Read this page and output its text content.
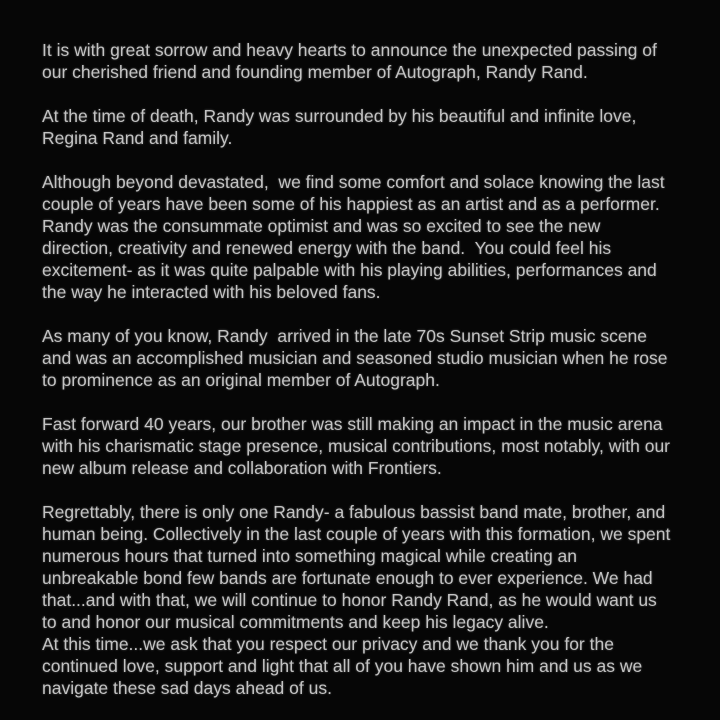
It is with great sorrow and heavy hearts to announce the unexpected passing of
our cherished friend and founding member of Autograph, Randy Rand.
At the time of death, Randy was surrounded by his beautiful and infinite love,
Regina Rand and family.
Although beyond devastated,  we find some comfort and solace knowing the last
couple of years have been some of his happiest as an artist and as a performer.
Randy was the consummate optimist and was so excited to see the new
direction, creativity and renewed energy with the band.  You could feel his
excitement- as it was quite palpable with his playing abilities, performances and
the way he interacted with his beloved fans.
As many of you know, Randy  arrived in the late 70s Sunset Strip music scene
and was an accomplished musician and seasoned studio musician when he rose
to prominence as an original member of Autograph.
Fast forward 40 years, our brother was still making an impact in the music arena
with his charismatic stage presence, musical contributions, most notably, with our
new album release and collaboration with Frontiers.
Regrettably, there is only one Randy- a fabulous bassist band mate, brother, and
human being. Collectively in the last couple of years with this formation, we spent
numerous hours that turned into something magical while creating an
unbreakable bond few bands are fortunate enough to ever experience. We had
that...and with that, we will continue to honor Randy Rand, as he would want us
to and honor our musical commitments and keep his legacy alive.
At this time...we ask that you respect our privacy and we thank you for the
continued love, support and light that all of you have shown him and us as we
navigate these sad days ahead of us.
